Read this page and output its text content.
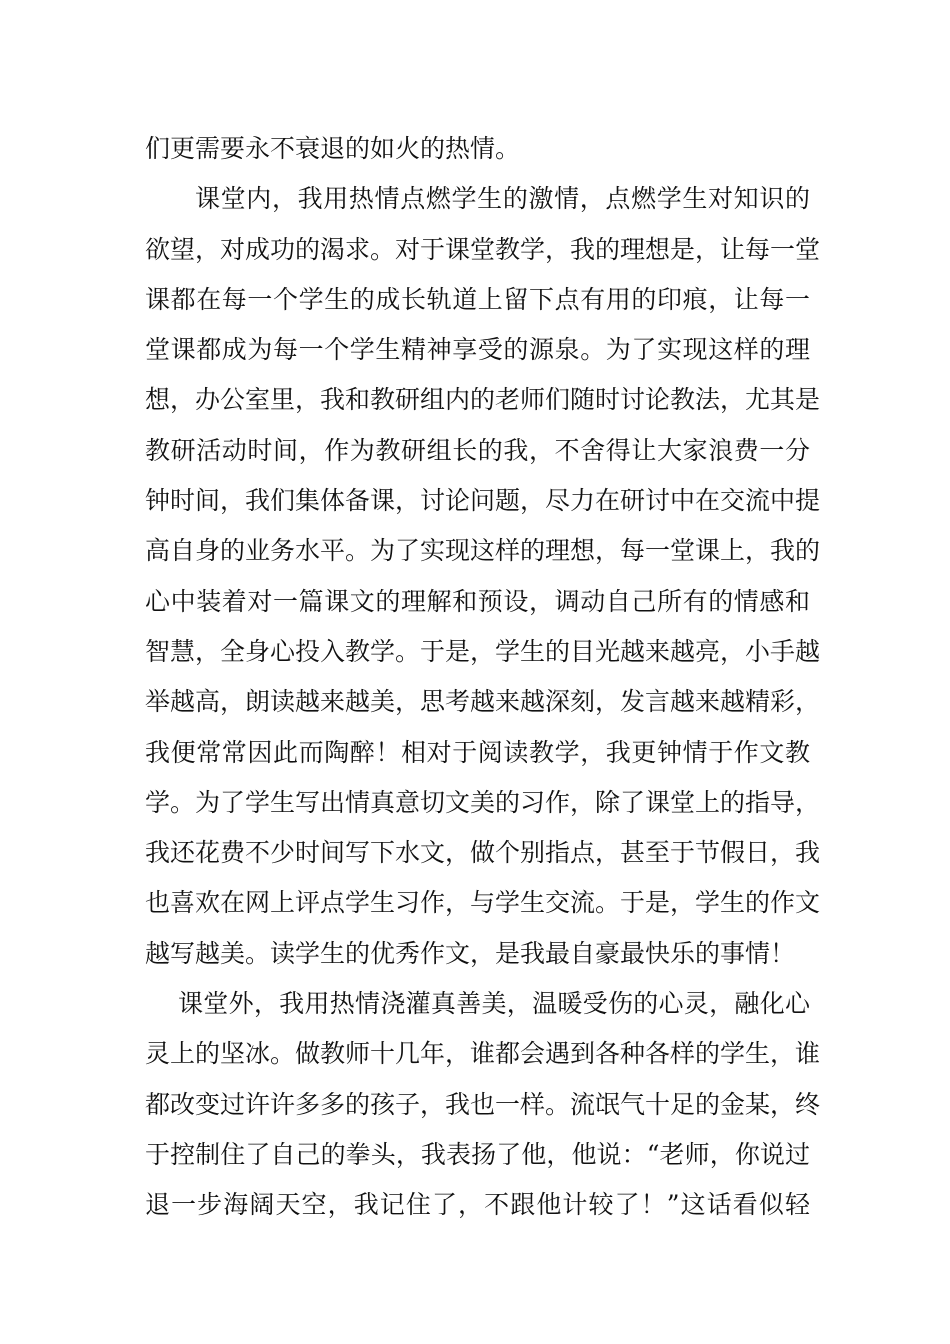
们更需要永不衰退的如火的热情。
课堂内，我用热情点燃学生的激情，点燃学生对知识的
欲望，对成功的渴求。对于课堂教学，我的理想是，让每一堂
课都在每一个学生的成长轨道上留下点有用的印痕，让每一
堂课都成为每一个学生精神享受的源泉。为了实现这样的理
想，办公室里，我和教研组内的老师们随时讨论教法，尤其是
教研活动时间，作为教研组长的我，不舍得让大家浪费一分
钟时间，我们集体备课，讨论问题，尽力在研讨中在交流中提
高自身的业务水平。为了实现这样的理想，每一堂课上，我的
心中装着对一篇课文的理解和预设，调动自己所有的情感和
智慧，全身心投入教学。于是，学生的目光越来越亮，小手越
举越高，朗读越来越美，思考越来越深刻，发言越来越精彩，
我便常常因此而陶醉！相对于阅读教学，我更钟情于作文教
学。为了学生写出情真意切文美的习作，除了课堂上的指导，
我还花费不少时间写下水文，做个别指点，甚至于节假日，我
也喜欢在网上评点学生习作，与学生交流。于是，学生的作文
越写越美。读学生的优秀作文，是我最自豪最快乐的事情！
课堂外，我用热情浇灌真善美，温暖受伤的心灵，融化心
灵上的坚冰。做教师十几年，谁都会遇到各种各样的学生，谁
都改变过许许多多的孩子，我也一样。流氓气十足的金某，终
于控制住了自己的拳头，我表扬了他，他说：“老师，你说过
退一步海阔天空，我记住了，不跟他计较了！”这话看似轻
